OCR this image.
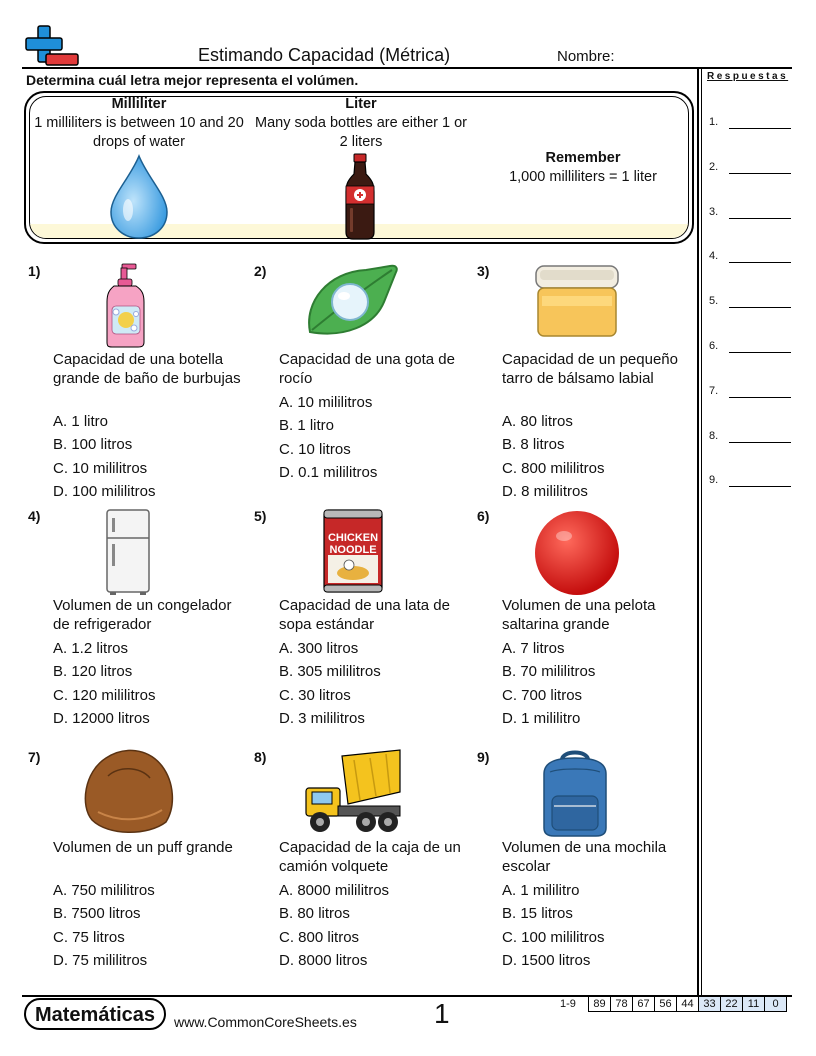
Estimando Capacidad (Métrica)	Nombre:
Determina cuál letra mejor representa el volúmen.	Respuestas
1.
2.
3.
4.
5.
6.
7.
8.
9.
Milliliter
1 milliliters is between 10 and 20 drops of water
Liter
Many soda bottles are either 1 or 2 liters
Remember
1,000 milliliters = 1 liter
1)
Capacidad de una botella grande de baño de burbujas
A. 1 litro
B. 100 litros
C. 10 mililitros
D. 100 mililitros
2)
Capacidad de una gota de rocío
A. 10 mililitros
B. 1 litro
C. 10 litros
D. 0.1 mililitros
3)
Capacidad de un pequeño tarro de bálsamo labial
A. 80 litros
B. 8 litros
C. 800 mililitros
D. 8 mililitros
4)
Volumen de un congelador de refrigerador
A. 1.2 litros
B. 120 litros
C. 120 mililitros
D. 12000 litros
5)
Capacidad de una lata de sopa estándar
A. 300 litros
B. 305 mililitros
C. 30 litros
D. 3 mililitros
6)
Volumen de una pelota saltarina grande
A. 7 litros
B. 70 mililitros
C. 700 litros
D. 1 mililitro
7)
Volumen de un puff grande
A. 750 mililitros
B. 7500 litros
C. 75 litros
D. 75 mililitros
8)
Capacidad de la caja de un camión volquete
A. 8000 mililitros
B. 80 litros
C. 800 litros
D. 8000 litros
9)
Volumen de una mochila escolar
A. 1 mililitro
B. 15 litros
C. 100 mililitros
D. 1500 litros
CHICKEN
NOODLE
Matemáticas	www.CommonCoreSheets.es	1	1-9 89	78	67	56	44	33	22	11	0
